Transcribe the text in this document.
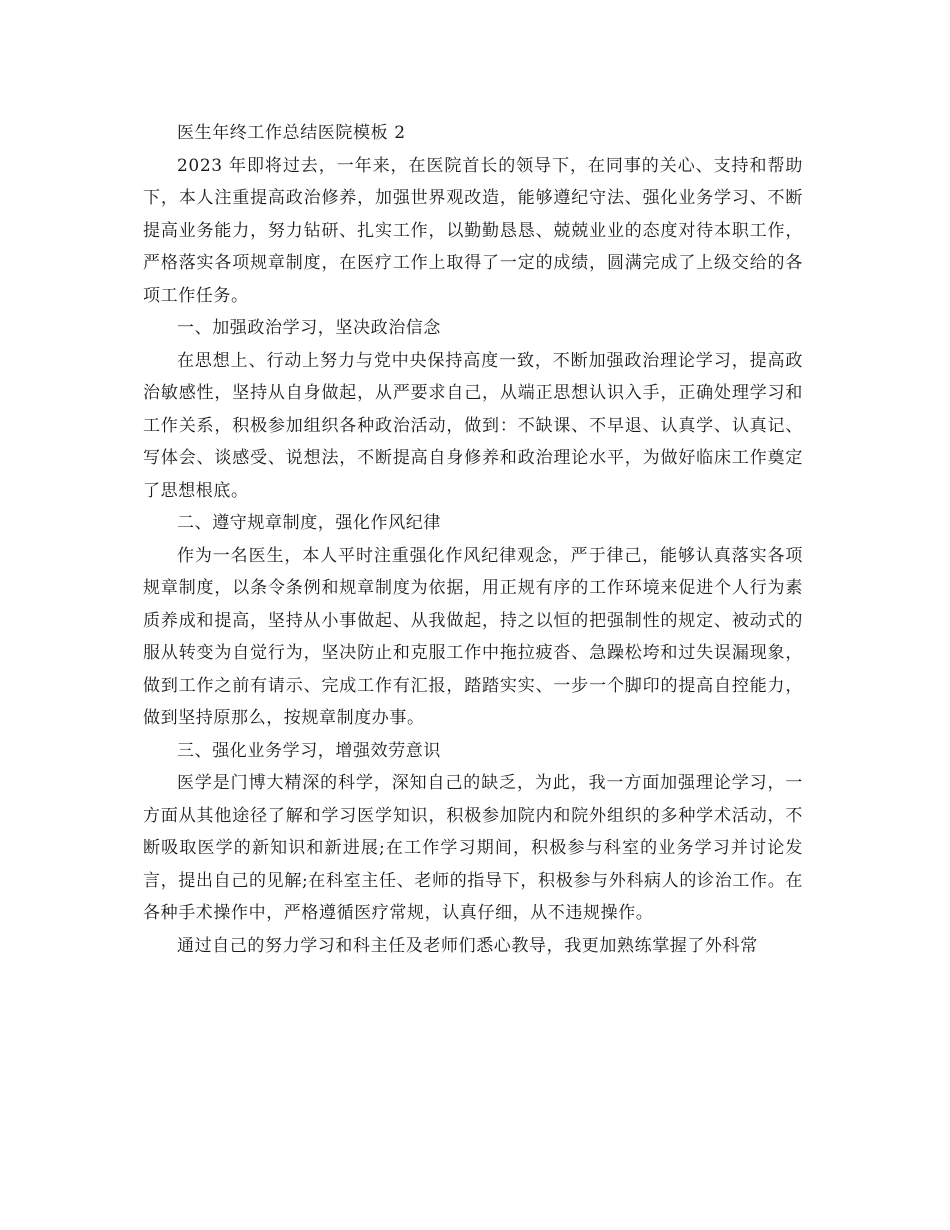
医生年终工作总结医院模板 2

2023 年即将过去，一年来，在医院首长的领导下，在同事的关心、支持和帮助下，本人注重提高政治修养，加强世界观改造，能够遵纪守法、强化业务学习、不断提高业务能力，努力钻研、扎实工作，以勤勤恳恳、兢兢业业的态度对待本职工作，严格落实各项规章制度，在医疗工作上取得了一定的成绩，圆满完成了上级交给的各项工作任务。

一、加强政治学习，坚决政治信念

在思想上、行动上努力与党中央保持高度一致，不断加强政治理论学习，提高政治敏感性，坚持从自身做起，从严要求自己，从端正思想认识入手，正确处理学习和工作关系，积极参加组织各种政治活动，做到：不缺课、不早退、认真学、认真记、写体会、谈感受、说想法，不断提高自身修养和政治理论水平，为做好临床工作奠定了思想根底。

二、遵守规章制度，强化作风纪律

作为一名医生，本人平时注重强化作风纪律观念，严于律己，能够认真落实各项规章制度，以条令条例和规章制度为依据，用正规有序的工作环境来促进个人行为素质养成和提高，坚持从小事做起、从我做起，持之以恒的把强制性的规定、被动式的服从转变为自觉行为，坚决防止和克服工作中拖拉疲沓、急躁松垮和过失误漏现象，做到工作之前有请示、完成工作有汇报，踏踏实实、一步一个脚印的提高自控能力，做到坚持原那么，按规章制度办事。

三、强化业务学习，增强效劳意识

医学是门博大精深的科学，深知自己的缺乏，为此，我一方面加强理论学习，一方面从其他途径了解和学习医学知识，积极参加院内和院外组织的多种学术活动，不断吸取医学的新知识和新进展;在工作学习期间，积极参与科室的业务学习并讨论发言，提出自己的见解;在科室主任、老师的指导下，积极参与外科病人的诊治工作。在各种手术操作中，严格遵循医疗常规，认真仔细，从不违规操作。

通过自己的努力学习和科主任及老师们悉心教导，我更加熟练掌握了外科常
